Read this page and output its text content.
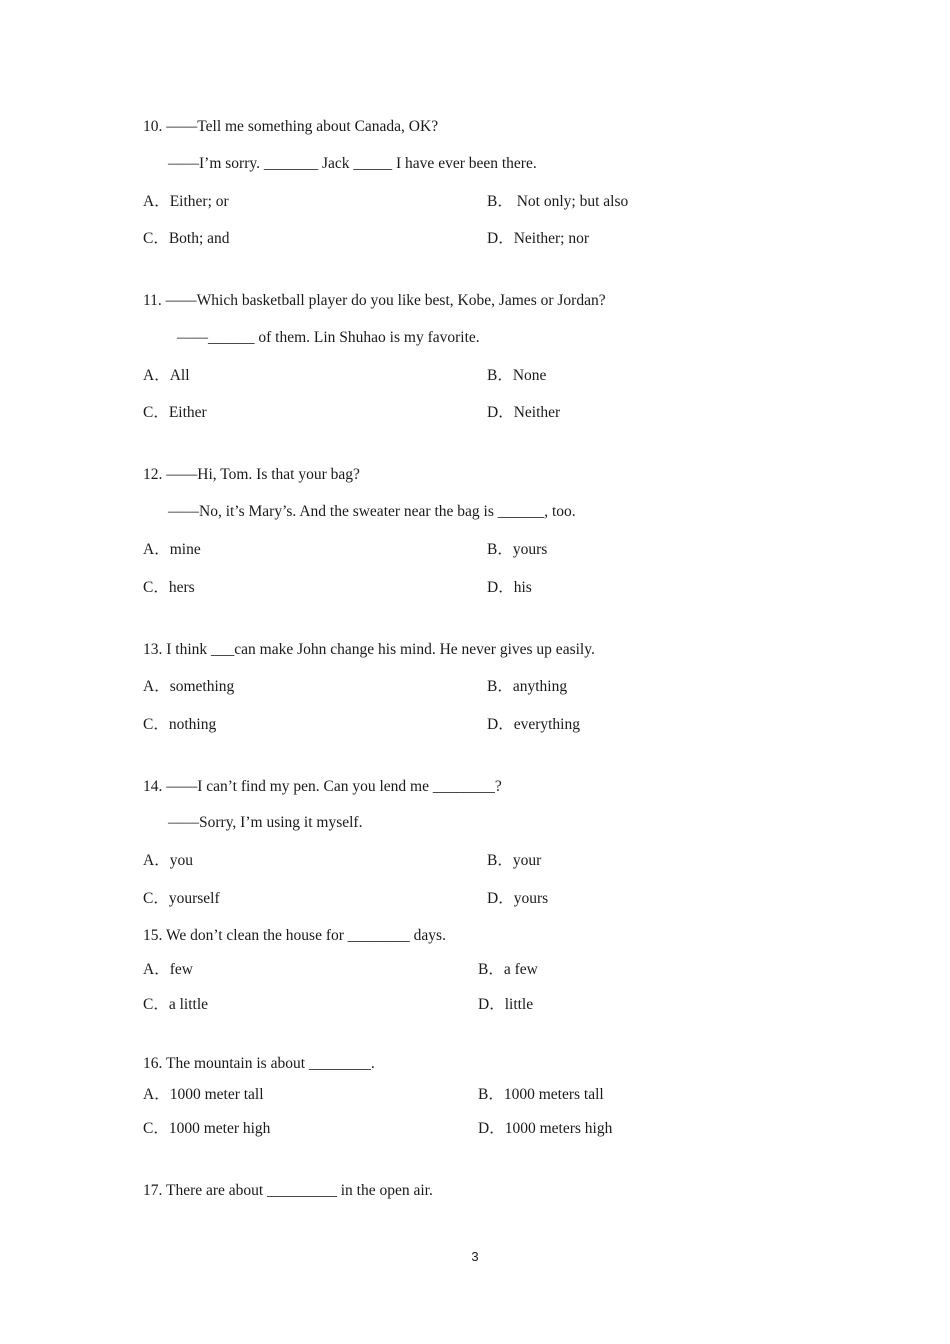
10. ——Tell me something about Canada, OK?
——I’m sorry. _______ Jack _____ I have ever been there.
A．Either; or	B． Not only; but also
C．Both; and	D．Neither; nor
11. ——Which basketball player do you like best, Kobe, James or Jordan?
——______ of them. Lin Shuhao is my favorite.
A．All	B．None
C．Either	D．Neither
12. ——Hi, Tom. Is that your bag?
——No, it’s Mary’s. And the sweater near the bag is ______, too.
A．mine	B．yours
C．hers	D．his
13. I think ___can make John change his mind. He never gives up easily.
A．something	B．anything
C．nothing	D．everything
14. ——I can’t find my pen. Can you lend me ________?
——Sorry, I’m using it myself.
A．you	B．your
C．yourself	D．yours
15. We don’t clean the house for ________ days.
A．few	B．a few
C．a little	D．little
16. The mountain is about ________.
A．1000 meter tall	B．1000 meters tall
C．1000 meter high	D．1000 meters high
17. There are about _________ in the open air.
3
